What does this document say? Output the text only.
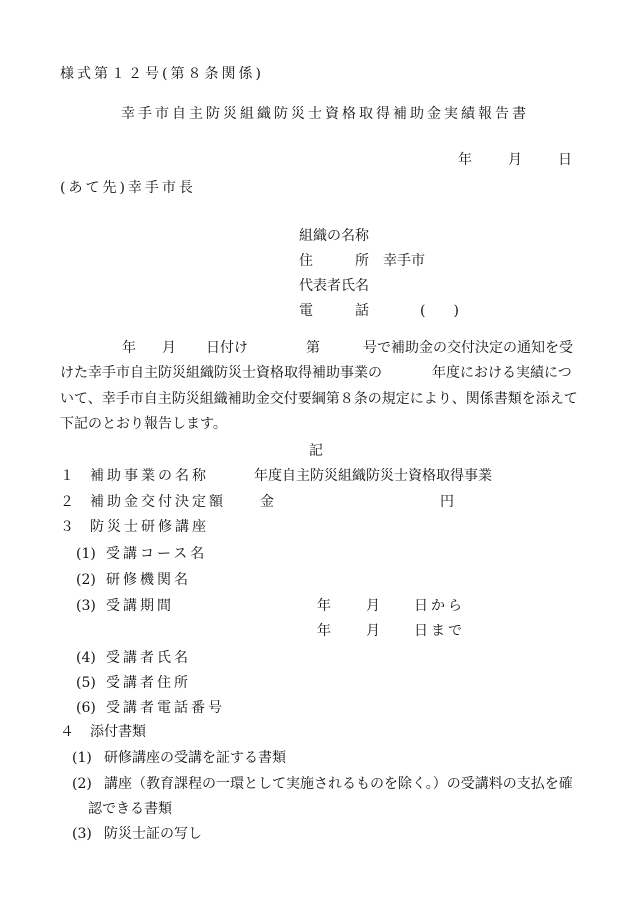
様式第１２号(第８条関係)
幸手市自主防災組織防災士資格取得補助金実績報告書
年	月	日
(あて先)幸手市長
組織の名称
住	所 幸手市
代表者氏名
電	話	(　　)
年 月 日付け	第	号で補助金の交付決定の通知を受
けた幸手市自主防災組織防災士資格取得補助事業の	年度における実績につ
いて、幸手市自主防災組織補助金交付要綱第８条の規定により、関係書類を添えて
下記のとおり報告します。
記
１ 補助事業の名称	年度自主防災組織防災士資格取得事業
２ 補助金交付決定額 金	円
３ 防災士研修講座
(1) 受講コース名
(2) 研修機関名
(3) 受講期間	年	月 日から
年	月 日まで
(4) 受講者氏名
(5) 受講者住所
(6) 受講者電話番号
４ 添付書類
(1) 研修講座の受講を証する書類
(2) 講座（教育課程の一環として実施されるものを除く。）の受講料の支払を確
認できる書類
(3) 防災士証の写し
